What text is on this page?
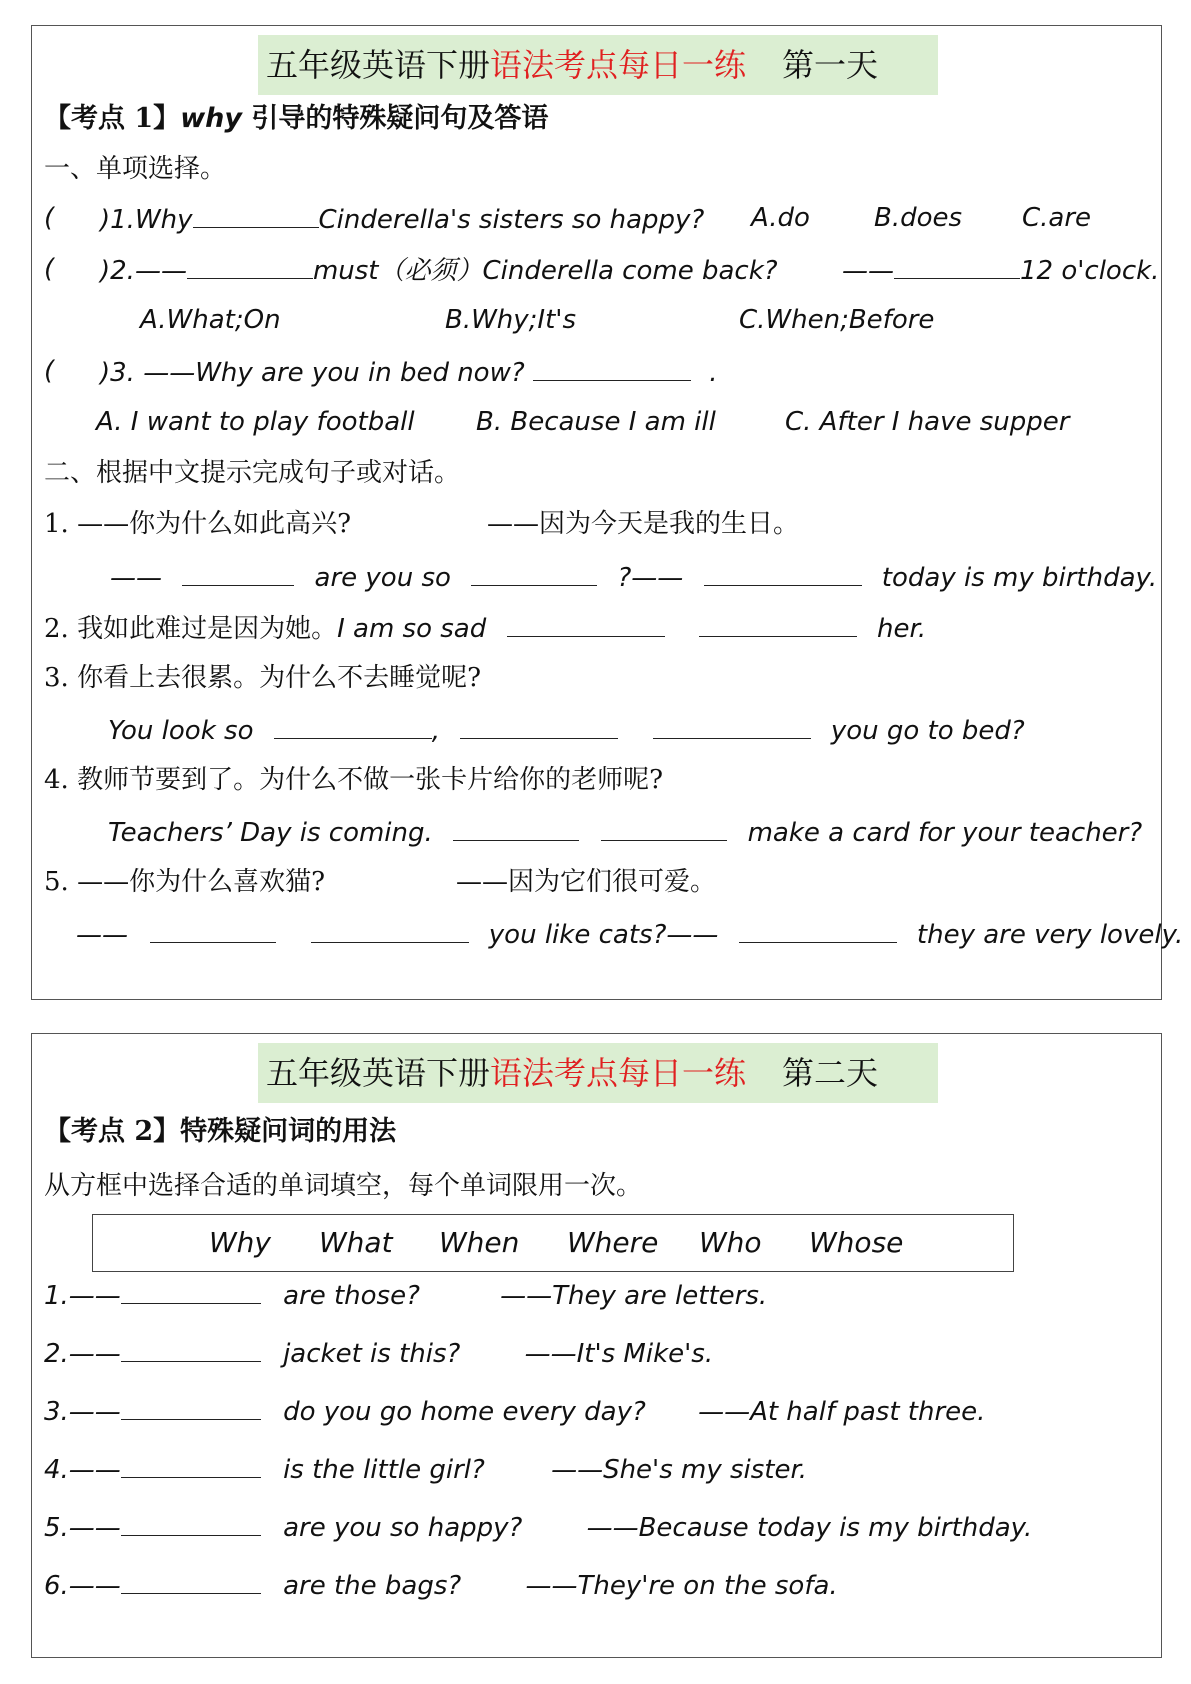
五年级英语下册语法考点每日一练 第一天
【考点 1】why 引导的特殊疑问句及答语
一、单项选择。
( )1.Why	Cinderella's sisters so happy? A.do B.does C.are
( )2.——	must（必须）Cinderella come back? ——	12 o'clock.
A.What;On	B.Why;It's	C.When;Before
( )3. ——Why are you in bed now?	.
A. I want to play football B. Because I am ill	C. After I have supper
二、根据中文提示完成句子或对话。
1. ——你为什么如此高兴?	——因为今天是我的生日。
——	are you so	?——	today is my birthday.
2. 我如此难过是因为她。I am so sad	her.
3. 你看上去很累。为什么不去睡觉呢?
You look so	,	you go to bed?
4. 教师节要到了。为什么不做一张卡片给你的老师呢?
Teachers’ Day is coming.	make a card for your teacher?
5. ——你为什么喜欢猫?	——因为它们很可爱。
——	you like cats?——	they are very lovely.
五年级英语下册语法考点每日一练 第二天
【考点 2】特殊疑问词的用法
从方框中选择合适的单词填空，每个单词限用一次。
Why What When Where Who Whose
1.——	are those?	——They are letters.
2.——	jacket is this? ——It's Mike's.
3.——	do you go home every day? ——At half past three.
4.——	is the little girl?	——She's my sister.
5.——	are you so happy? ——Because today is my birthday.
6.——	are the bags? ——They're on the sofa.
